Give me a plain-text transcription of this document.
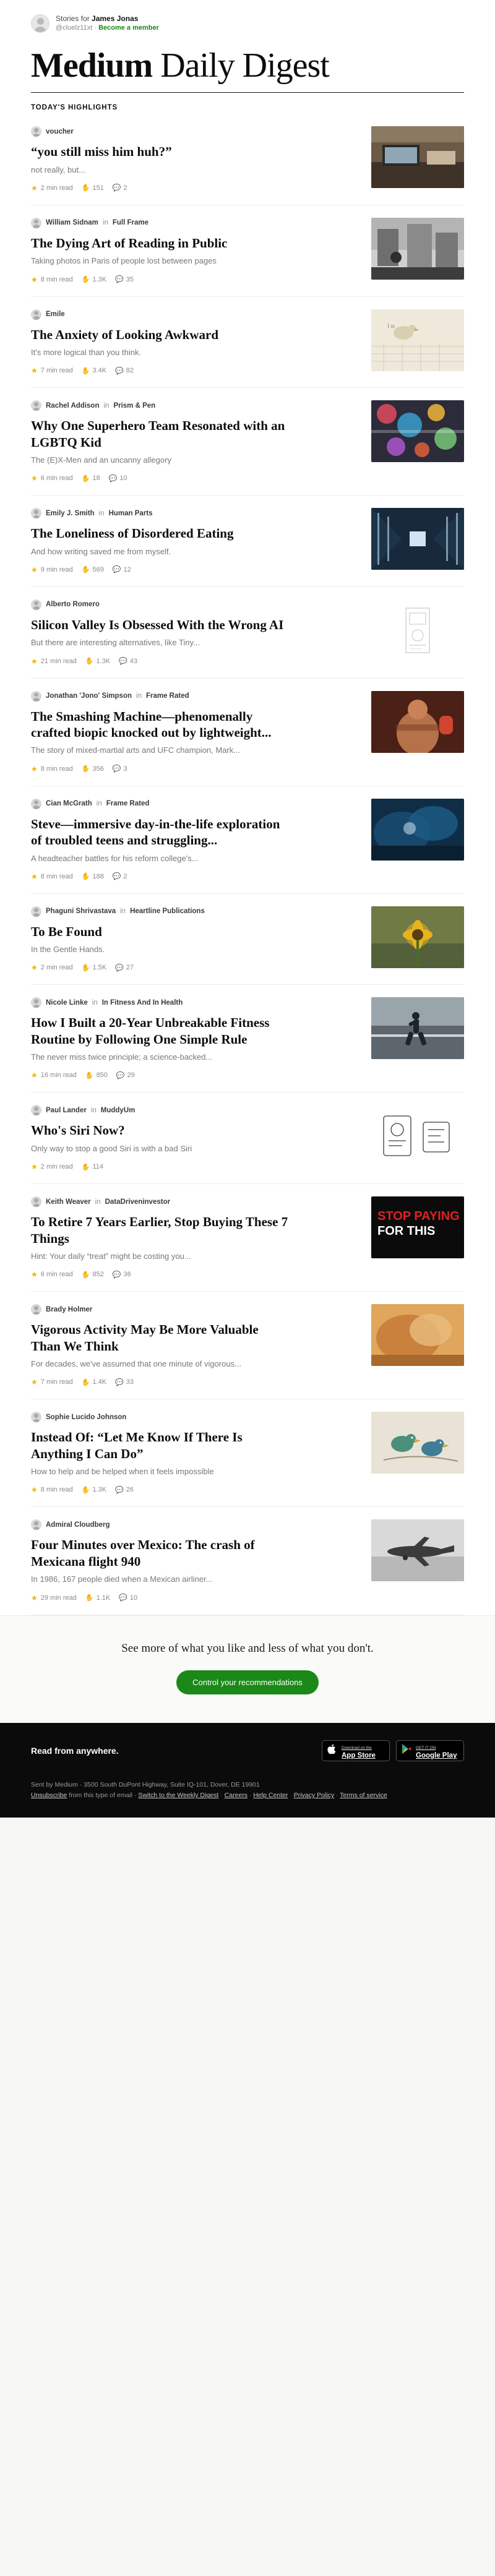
Stories for James Jonas
@cluelz11xt · Become a member
Medium Daily Digest
TODAY'S HIGHLIGHTS
voucher
“you still miss him huh?”
not really, but...
★ 2 min read ✋ 151 💬 2
William Sidnam in Full Frame
The Dying Art of Reading in Public
Taking photos in Paris of people lost between pages
★ 8 min read ✋ 1.3K 💬 35
Emile
The Anxiety of Looking Awkward
It's more logical than you think.
★ 7 min read ✋ 3.4K 💬 82
I m
Rachel Addison in Prism & Pen
Why One Superhero Team Resonated with an LGBTQ Kid
The (E)X-Men and an uncanny allegory
★ 6 min read ✋ 18 💬 10
Emily J. Smith in Human Parts
The Loneliness of Disordered Eating
And how writing saved me from myself.
★ 9 min read ✋ 569 💬 12
Alberto Romero
Silicon Valley Is Obsessed With the Wrong AI
But there are interesting alternatives, like Tiny...
★ 21 min read ✋ 1.3K 💬 43
Jonathan 'Jono' Simpson in Frame Rated
The Smashing Machine—phenomenally crafted biopic knocked out by lightweight...
The story of mixed-martial arts and UFC champion, Mark...
★ 8 min read ✋ 356 💬 3
Cian McGrath in Frame Rated
Steve—immersive day-in-the-life exploration of troubled teens and struggling...
A headteacher battles for his reform college's...
★ 8 min read ✋ 188 💬 2
Phaguni Shrivastava in Heartline Publications
To Be Found
In the Gentle Hands.
★ 2 min read ✋ 1.5K 💬 27
Nicole Linke in In Fitness And In Health
How I Built a 20-Year Unbreakable Fitness Routine by Following One Simple Rule
The never miss twice principle; a science-backed...
★ 16 min read ✋ 850 💬 29
Paul Lander in MuddyUm
Who's Siri Now?
Only way to stop a good Siri is with a bad Siri
★ 2 min read ✋ 114
Keith Weaver in DataDriveninvestor
To Retire 7 Years Earlier, Stop Buying These 7 Things
Hint: Your daily “treat” might be costing you...
★ 6 min read ✋ 852 💬 36
STOP PAYING
FOR THIS
Brady Holmer
Vigorous Activity May Be More Valuable Than We Think
For decades, we've assumed that one minute of vigorous...
★ 7 min read ✋ 1.4K 💬 33
Sophie Lucido Johnson
Instead Of: “Let Me Know If There Is Anything I Can Do”
How to help and be helped when it feels impossible
★ 8 min read ✋ 1.3K 💬 26
Admiral Cloudberg
Four Minutes over Mexico: The crash of Mexicana flight 940
In 1986, 167 people died when a Mexican airliner...
★ 29 min read ✋ 1.1K 💬 10
See more of what you like and less of what you don't.
Control your recommendations
Read from anywhere.	Download on the
App Store
GET IT ON
Google Play
Sent by Medium · 3500 South DuPont Highway, Suite IQ-101, Dover, DE 19901
Unsubscribe from this type of email · Switch to the Weekly Digest · Careers · Help Center · Privacy Policy · Terms of service
